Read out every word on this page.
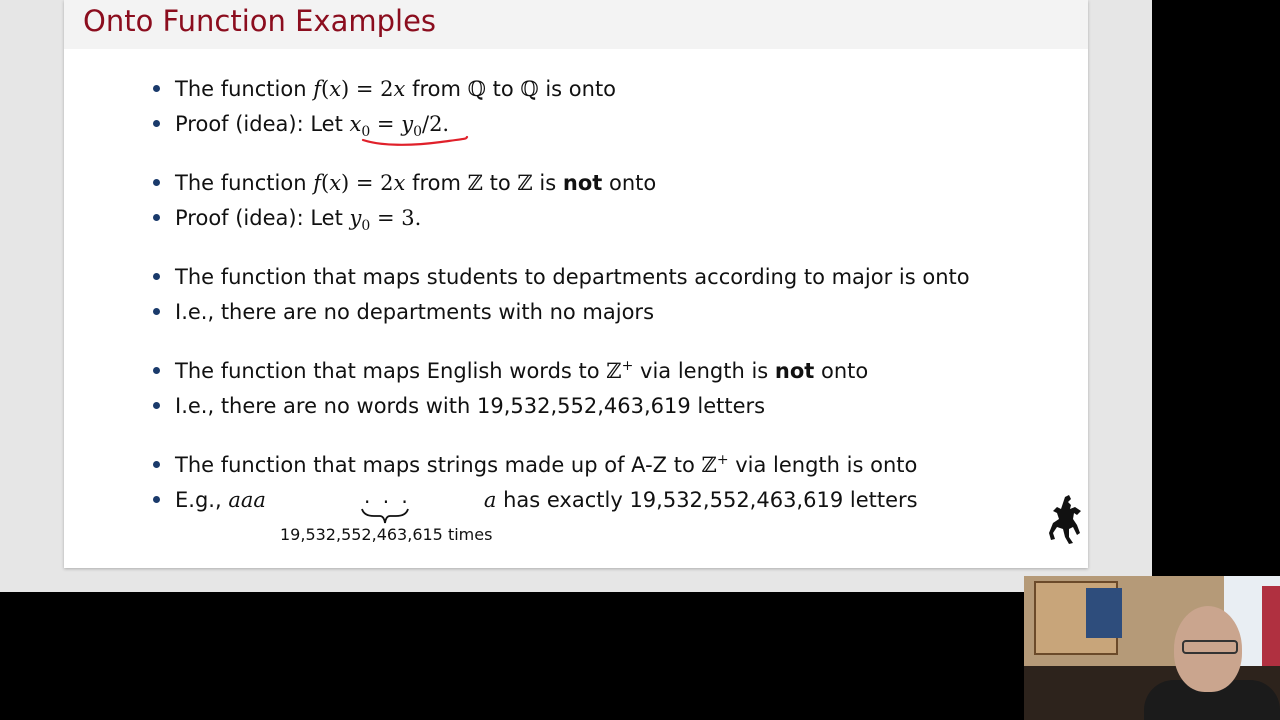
Onto Function Examples
The function f(x) = 2x from ℚ to ℚ is onto
Proof (idea): Let $x_0 = y_0/2$.
The function f(x) = 2x from ℤ to ℤ is not onto
Proof (idea): Let $y_0 = 3$.
The function that maps students to departments according to major is onto
I.e., there are no departments with no majors
The function that maps English words to ℤ+ via length is not onto
I.e., there are no words with 19,532,552,463,619 letters
The function that maps strings made up of A-Z to ℤ+ via length is onto
E.g., aaa	a has exactly 19,532,552,463,619 letters
· · ·
19,532,552,463,615 times
